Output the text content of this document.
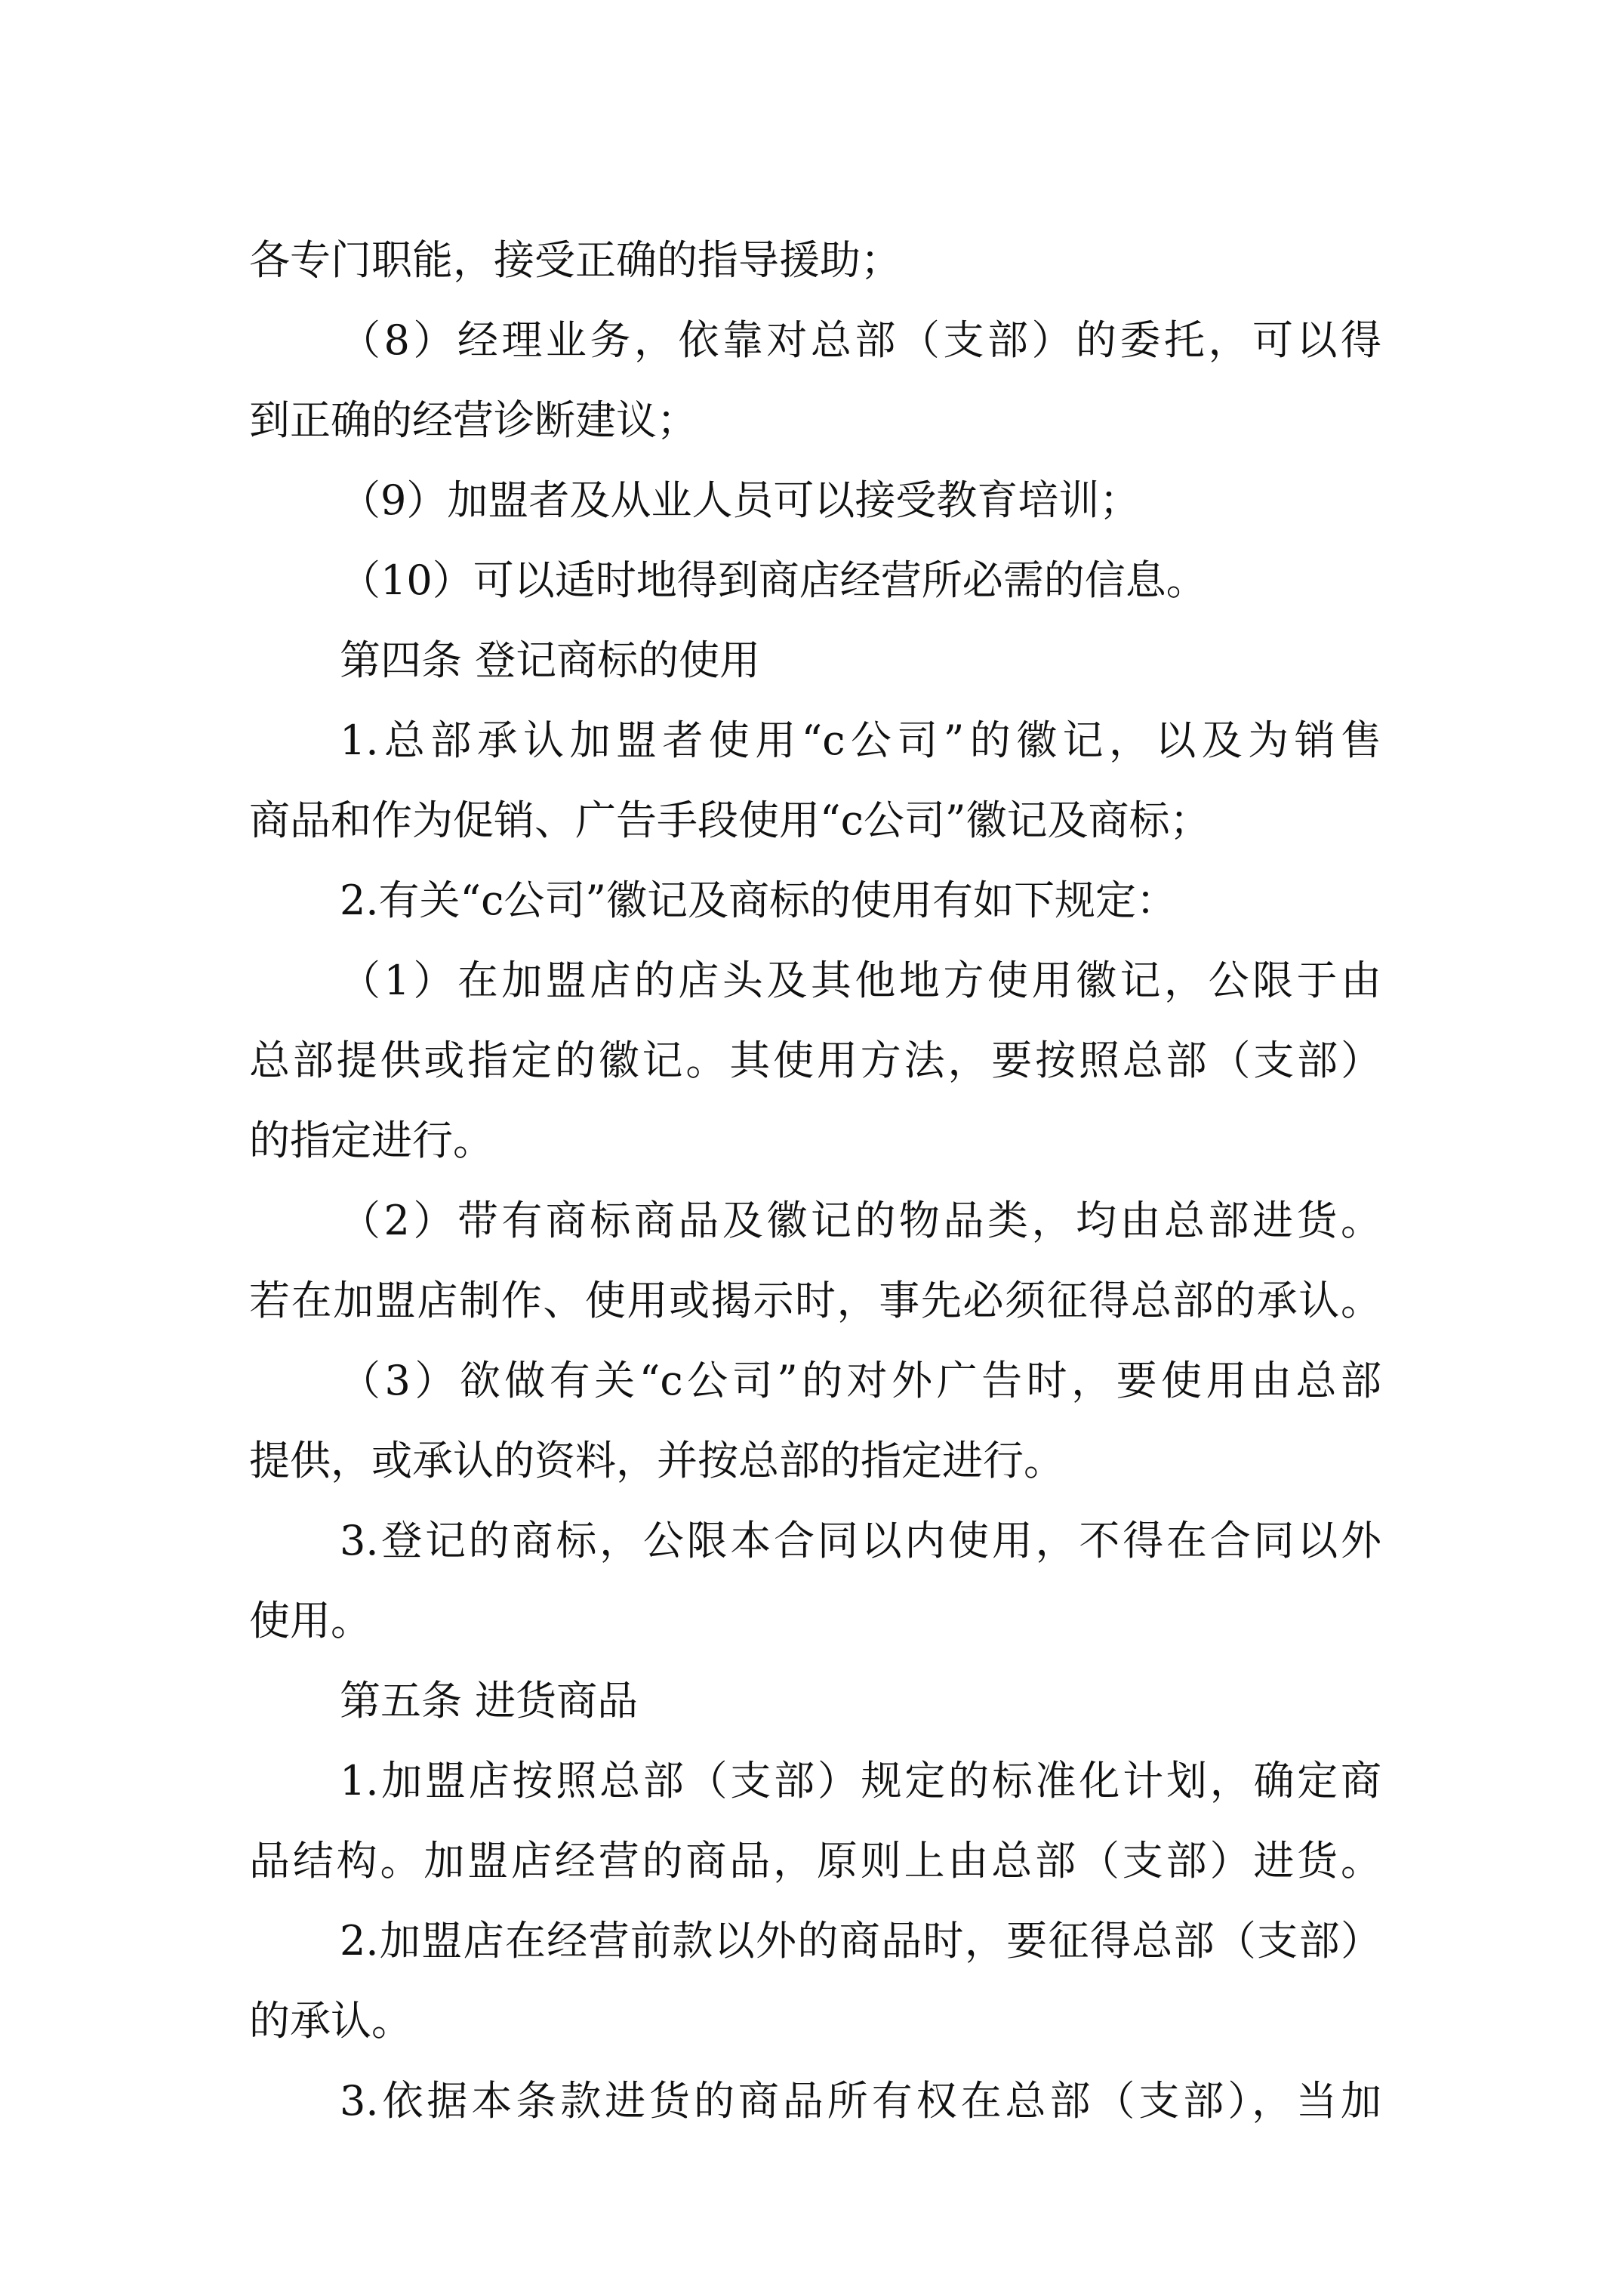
各专门职能，接受正确的指导援助；
（8）经理业务，依靠对总部（支部）的委托，可以得
到正确的经营诊断建议；
（9）加盟者及从业人员可以接受教育培训；
（10）可以适时地得到商店经营所必需的信息。
第四条 登记商标的使用
1.总部承认加盟者使用“c公司”的徽记，以及为销售
商品和作为促销、广告手段使用“c公司”徽记及商标；
2.有关“c公司”徽记及商标的使用有如下规定：
（1）在加盟店的店头及其他地方使用徽记，公限于由
总部提供或指定的徽记。其使用方法，要按照总部（支部）
的指定进行。
（2）带有商标商品及徽记的物品类，均由总部进货。
若在加盟店制作、使用或揭示时，事先必须征得总部的承认。
（3）欲做有关“c公司”的对外广告时，要使用由总部
提供，或承认的资料，并按总部的指定进行。
3.登记的商标，公限本合同以内使用，不得在合同以外
使用。
第五条 进货商品
1.加盟店按照总部（支部）规定的标准化计划，确定商
品结构。加盟店经营的商品，原则上由总部（支部）进货。
2.加盟店在经营前款以外的商品时，要征得总部（支部）
的承认。
3.依据本条款进货的商品所有权在总部（支部），当加
